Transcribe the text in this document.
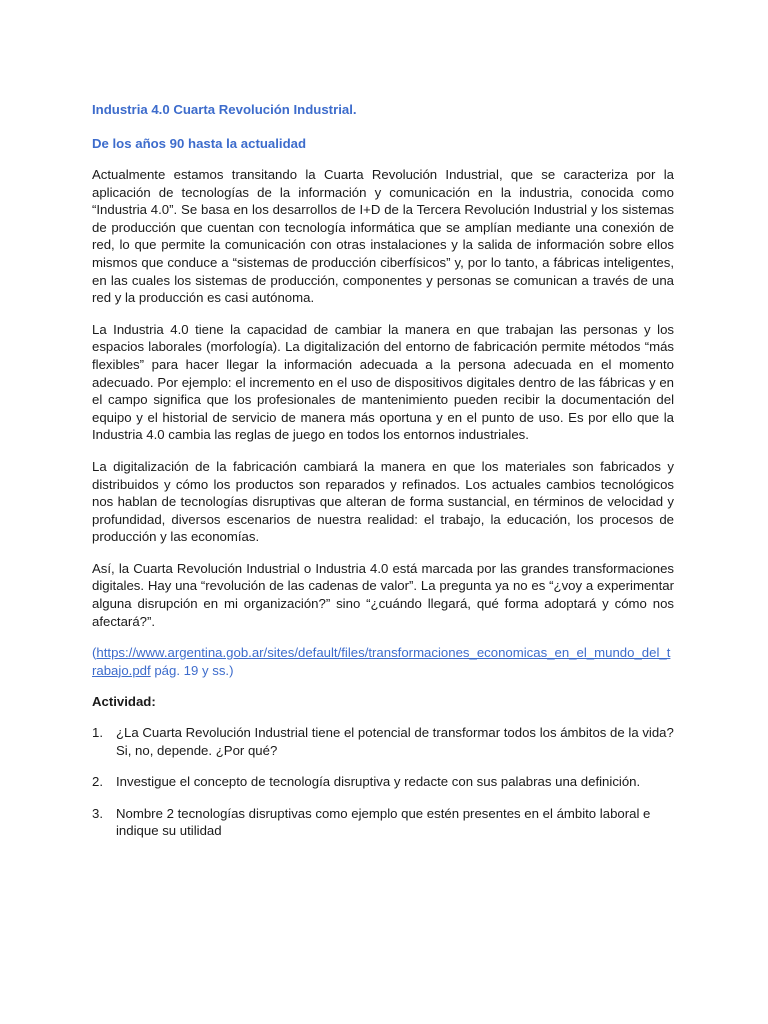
Industria 4.0 Cuarta Revolución Industrial.

De los años 90 hasta la actualidad

Actualmente estamos transitando la Cuarta Revolución Industrial, que se caracteriza por la aplicación de tecnologías de la información y comunicación en la industria, conocida como “Industria 4.0”. Se basa en los desarrollos de I+D de la Tercera Revolución Industrial y los sistemas de producción que cuentan con tecnología informática que se amplían mediante una conexión de red, lo que permite la comunicación con otras instalaciones y la salida de información sobre ellos mismos que conduce a “sistemas de producción ciberfísicos” y, por lo tanto, a fábricas inteligentes, en las cuales los sistemas de producción, componentes y personas se comunican a través de una red y la producción es casi autónoma.

La Industria 4.0 tiene la capacidad de cambiar la manera en que trabajan las personas y los espacios laborales (morfología). La digitalización del entorno de fabricación permite métodos “más flexibles” para hacer llegar la información adecuada a la persona adecuada en el momento adecuado. Por ejemplo: el incremento en el uso de dispositivos digitales dentro de las fábricas y en el campo significa que los profesionales de mantenimiento pueden recibir la documentación del equipo y el historial de servicio de manera más oportuna y en el punto de uso. Es por ello que la Industria 4.0 cambia las reglas de juego en todos los entornos industriales.

La digitalización de la fabricación cambiará la manera en que los materiales son fabricados y distribuidos y cómo los productos son reparados y refinados. Los actuales cambios tecnológicos nos hablan de tecnologías disruptivas que alteran de forma sustancial, en términos de velocidad y profundidad, diversos escenarios de nuestra realidad: el trabajo, la educación, los procesos de producción y las economías.

Así, la Cuarta Revolución Industrial o Industria 4.0 está marcada por las grandes transformaciones digitales. Hay una “revolución de las cadenas de valor”. La pregunta ya no es “¿voy a experimentar alguna disrupción en mi organización?” sino “¿cuándo llegará, qué forma adoptará y cómo nos afectará?”.

(https://www.argentina.gob.ar/sites/default/files/transformaciones_economicas_en_el_mundo_del_trabajo.pdf pág. 19 y ss.)

Actividad:

1. ¿La Cuarta Revolución Industrial tiene el potencial de transformar todos los ámbitos de la vida? Si, no, depende. ¿Por qué?
2. Investigue el concepto de tecnología disruptiva y redacte con sus palabras una definición.
3. Nombre 2 tecnologías disruptivas como ejemplo que estén presentes en el ámbito laboral e indique su utilidad
